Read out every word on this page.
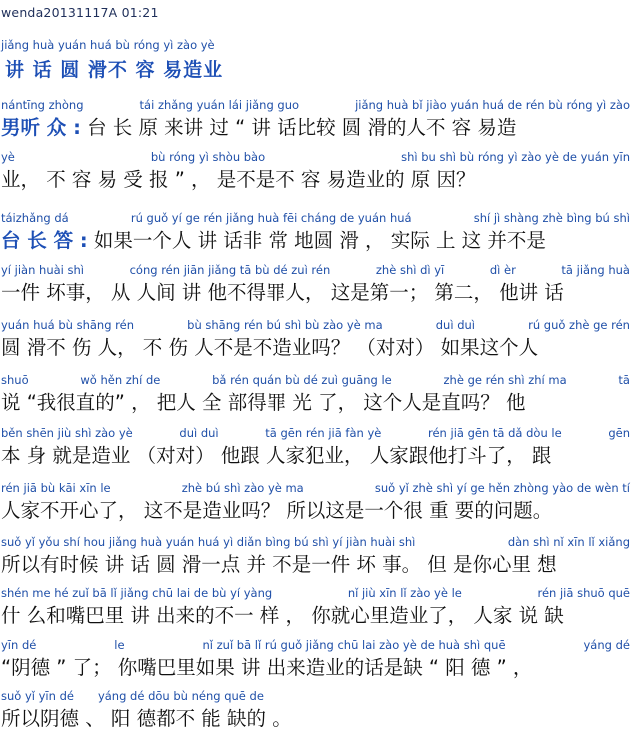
wenda20131117A 01:21
jiǎng huà yuán huá bù róng yì zào yè
讲 话 圆 滑不 容 易造业
nántīng zhòng	tái zhǎng yuán lái jiǎng guo	jiǎng huà bǐ jiào yuán huá de rén bù róng yì zào
男听 众 : 台 长 原 来讲 过 “ 讲 话比较 圆 滑的人不 容 易造
yè	bù róng yì shòu bào	shì bu shì bù róng yì zào yè de yuán yīn
业， 不 容 易 受 报 ” ， 是不是不 容 易造业的 原 因？
táizhǎng dá	rú guǒ yí ge rén jiǎng huà fēi cháng de yuán huá	shí jì shàng zhè bìng bú shì
台 长 答 : 如果一个人 讲 话非 常 地圆 滑 ， 实际 上 这 并不是
yí jiàn huài shì	cóng rén jiān jiǎng tā bù dé zuì rén	zhè shì dì yī	dì èr	tā jiǎng huà
一件 坏事， 从 人间 讲 他不得罪人， 这是第一； 第二， 他讲 话
yuán huá bù shāng rén	bù shāng rén bú shì bù zào yè ma	duì duì	rú guǒ zhè ge rén
圆 滑不 伤 人， 不 伤 人不是不造业吗？ （对对） 如果这个人
shuō	wǒ hěn zhí de	bǎ rén quán bù dé zuì guāng le	zhè ge rén shì zhí ma	tā
说 “我很直的” ， 把人 全 部得罪 光 了， 这个人是直吗？ 他
běn shēn jiù shì zào yè	duì duì	tā gēn rén jiā fàn yè	rén jiā gēn tā dǎ dòu le	gēn
本 身 就是造业 （对对） 他跟 人家犯业， 人家跟他打斗了， 跟
rén jiā bù kāi xīn le	zhè bú shì zào yè ma	suǒ yǐ zhè shì yí ge hěn zhòng yào de wèn tí
人家不开心了， 这不是造业吗？ 所以这是一个很 重 要的问题。
suǒ yǐ yǒu shí hou jiǎng huà yuán huá yì diǎn bìng bú shì yí jiàn huài shì	dàn shì nǐ xīn lǐ xiǎng
所以有时候 讲 话 圆 滑一点 并 不是一件 坏 事。 但 是你心里 想
shén me hé zuǐ bā lǐ jiǎng chū lai de bù yí yàng	nǐ jiù xīn lǐ zào yè le	rén jiā shuō quē
什 么和嘴巴里 讲 出来的不一 样 ， 你就心里造业了， 人家 说 缺
yīn dé	le	nǐ zuǐ bā lǐ rú guǒ jiǎng chū lai zào yè de huà shì quē	yáng dé
“阴德 ” 了； 你嘴巴里如果 讲 出来造业的话是缺 “ 阳 德 ” ，
suǒ yǐ yīn dé yáng dé dōu bù néng quē de
所以阴德 、 阳 德都不 能 缺的 。
